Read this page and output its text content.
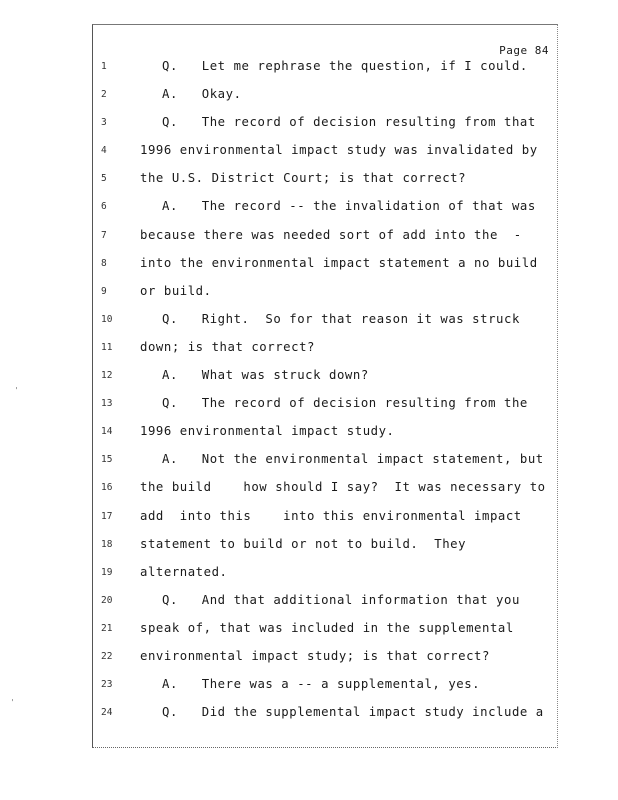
Page 84
1	Q.   Let me rephrase the question, if I could.
2	A.   Okay.
3	Q.   The record of decision resulting from that
4	1996 environmental impact study was invalidated by
5	the U.S. District Court; is that correct?
6	A.   The record -- the invalidation of that was
7	because there was needed sort of add into the  -
8	into the environmental impact statement a no build
9	or build.
10	Q.   Right.  So for that reason it was struck
11	down; is that correct?
12	A.   What was struck down?
13	Q.   The record of decision resulting from the
14	1996 environmental impact study.
15	A.   Not the environmental impact statement, but
16	the build    how should I say?  It was necessary to
17	add  into this    into this environmental impact
18	statement to build or not to build.  They
19	alternated.
20	Q.   And that additional information that you
21	speak of, that was included in the supplemental
22	environmental impact study; is that correct?
23	A.   There was a -- a supplemental, yes.
24	Q.   Did the supplemental impact study include a
'
'
